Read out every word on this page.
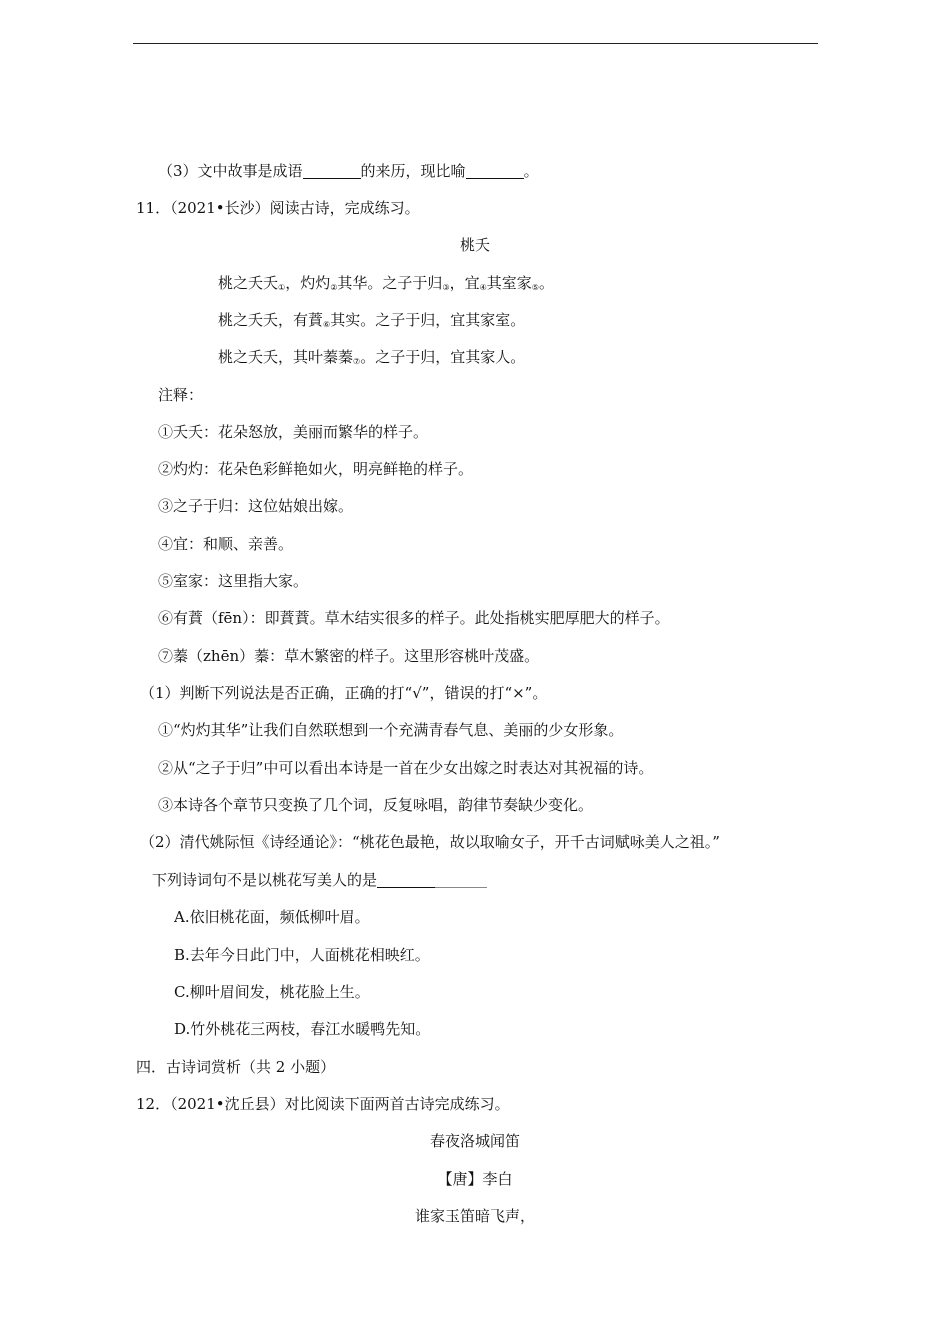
（3）文中故事是成语	的来历，现比喻	。
11．（2021•长沙）阅读古诗，完成练习。
桃夭
桃之夭夭$_①$，灼灼$_②$其华。之子于归$_③$，宜$_④$其室家$_⑤$。
桃之夭夭，有蕡$_⑥$其实。之子于归，宜其家室。
桃之夭夭，其叶蓁蓁$_⑦$。之子于归，宜其家人。
注释：
①夭夭：花朵怒放，美丽而繁华的样子。
②灼灼：花朵色彩鲜艳如火，明亮鲜艳的样子。
③之子于归：这位姑娘出嫁。
④宜：和顺、亲善。
⑤室家：这里指大家。
⑥有蕡（fēn）：即蕡蕡。草木结实很多的样子。此处指桃实肥厚肥大的样子。
⑦蓁（zhēn）蓁：草木繁密的样子。这里形容桃叶茂盛。
（1）判断下列说法是否正确，正确的打“√”，错误的打“×”。
①“灼灼其华”让我们自然联想到一个充满青春气息、美丽的少女形象。
②从“之子于归”中可以看出本诗是一首在少女出嫁之时表达对其祝福的诗。
③本诗各个章节只变换了几个词，反复咏唱，韵律节奏缺少变化。
（2）清代姚际恒《诗经通论》：“桃花色最艳，故以取喻女子，开千古词赋咏美人之祖。”
下列诗词句不是以桃花写美人的是
A.依旧桃花面，频低柳叶眉。
B.去年今日此门中，人面桃花相映红。
C.柳叶眉间发，桃花脸上生。
D.竹外桃花三两枝，春江水暖鸭先知。
四．古诗词赏析（共 2 小题）
12．（2021•沈丘县）对比阅读下面两首古诗完成练习。
春夜洛城闻笛
【唐】李白
谁家玉笛暗飞声，
